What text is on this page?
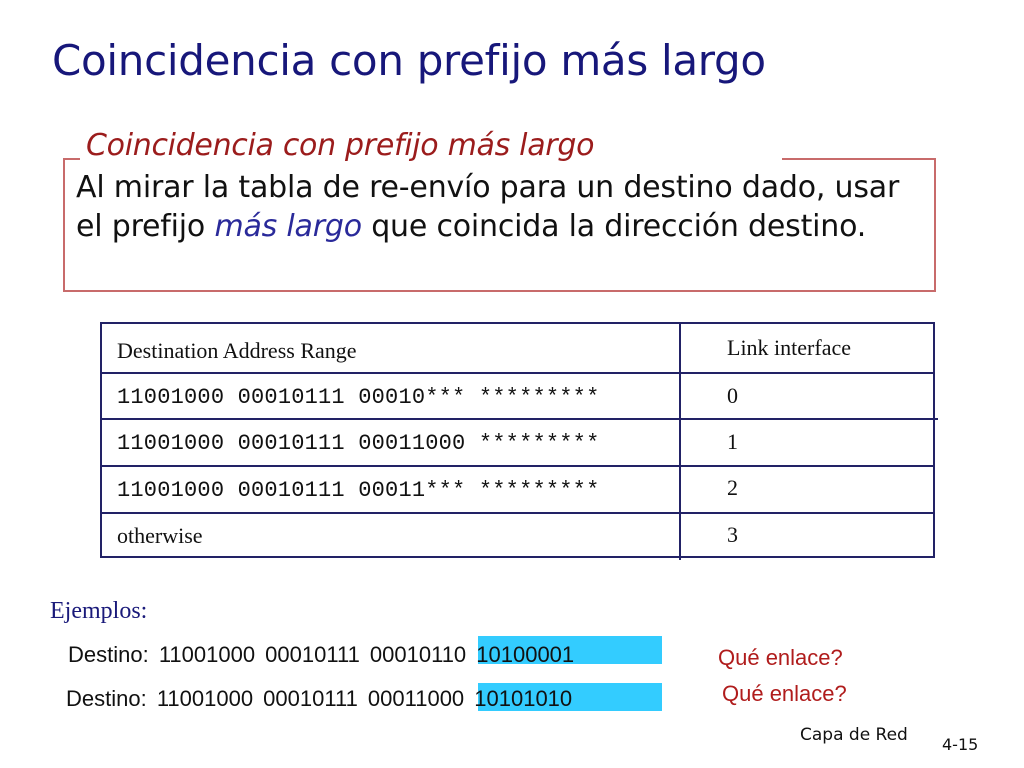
Coincidencia con prefijo más largo
Al mirar la tabla de re-envío para un destino dado, usar el prefijo más largo que coincida la dirección destino.
Coincidencia con prefijo más largo
Destination Address Range	Link interface
11001000 00010111 00010*** *********	0
11001000 00010111 00011000 *********	1
11001000 00010111 00011*** *********	2
otherwise	3
Ejemplos:
Destino: 11001000 00010111 00010110 10100001	Qué enlace?
Destino: 11001000 00010111 00011000 10101010	Qué enlace?
Capa de Red 4-15
